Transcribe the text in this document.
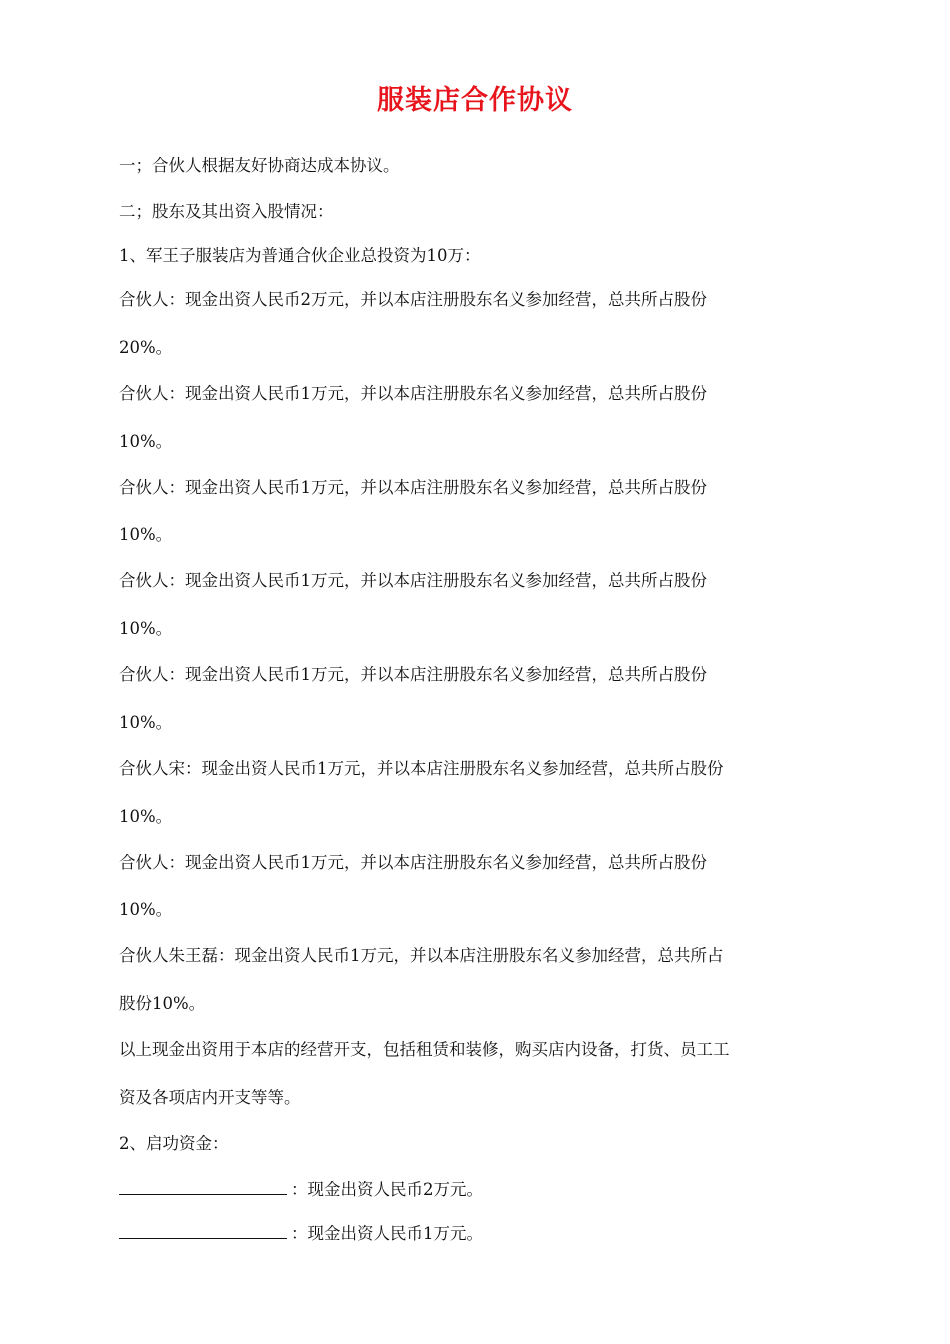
服装店合作协议
一；合伙人根据友好协商达成本协议。
二；股东及其出资入股情况：
1、军王子服装店为普通合伙企业总投资为10万：
合伙人：现金出资人民币2万元，并以本店注册股东名义参加经营，总共所占股份
20%。
合伙人：现金出资人民币1万元，并以本店注册股东名义参加经营，总共所占股份
10%。
合伙人：现金出资人民币1万元，并以本店注册股东名义参加经营，总共所占股份
10%。
合伙人：现金出资人民币1万元，并以本店注册股东名义参加经营，总共所占股份
10%。
合伙人：现金出资人民币1万元，并以本店注册股东名义参加经营，总共所占股份
10%。
合伙人宋：现金出资人民币1万元，并以本店注册股东名义参加经营，总共所占股份
10%。
合伙人：现金出资人民币1万元，并以本店注册股东名义参加经营，总共所占股份
10%。
合伙人朱王磊：现金出资人民币1万元，并以本店注册股东名义参加经营，总共所占
股份10%。
以上现金出资用于本店的经营开支，包括租赁和装修，购买店内设备，打货、员工工
资及各项店内开支等等。
2、启功资金：
：现金出资人民币2万元。
：现金出资人民币1万元。
